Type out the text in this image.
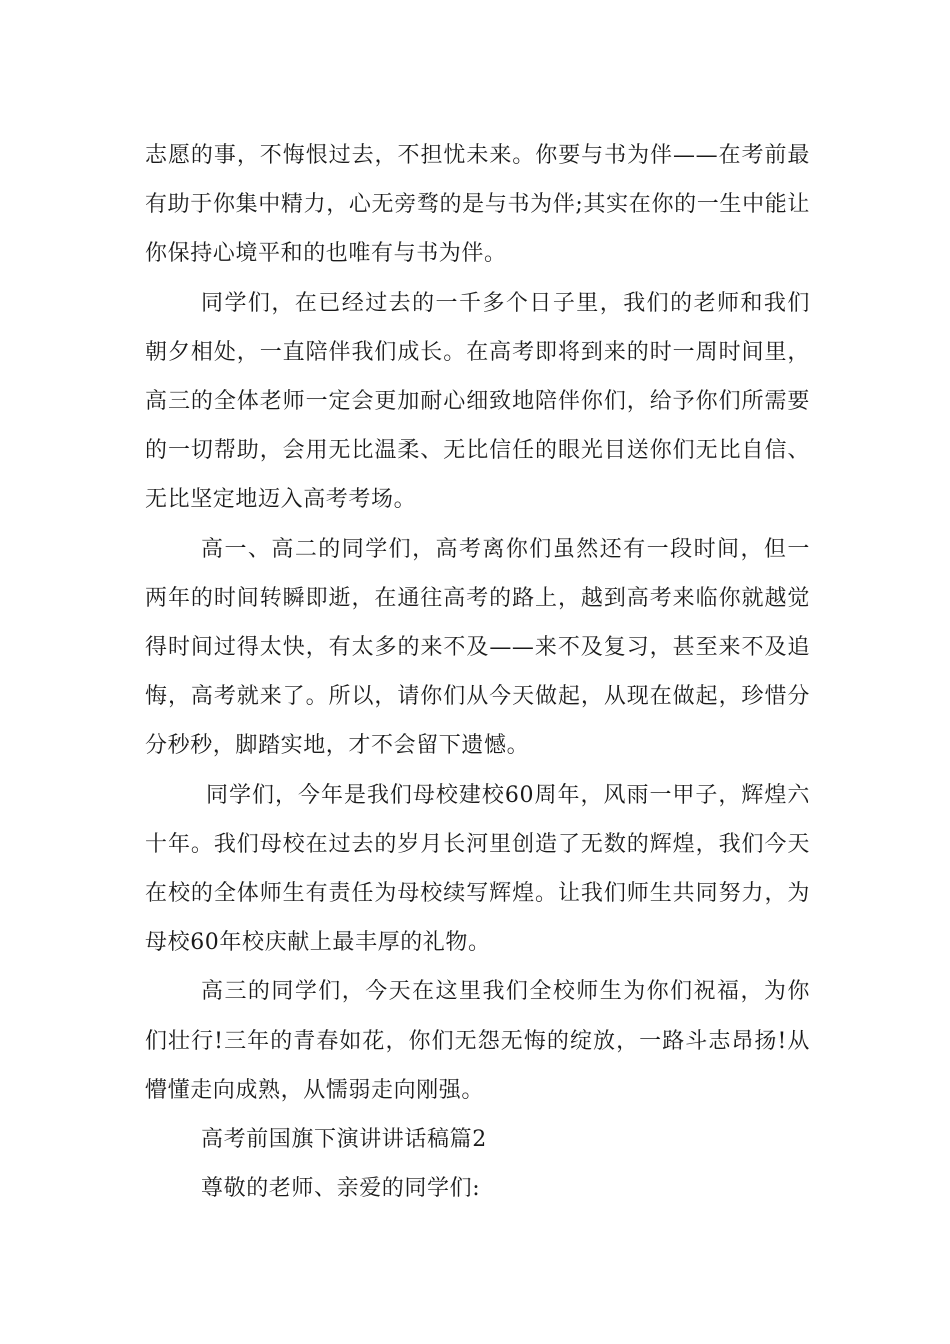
志愿的事，不悔恨过去，不担忧未来。你要与书为伴——在考前最有助于你集中精力，心无旁骛的是与书为伴;其实在你的一生中能让你保持心境平和的也唯有与书为伴。

同学们，在已经过去的一千多个日子里，我们的老师和我们朝夕相处，一直陪伴我们成长。在高考即将到来的时一周时间里，高三的全体老师一定会更加耐心细致地陪伴你们，给予你们所需要的一切帮助，会用无比温柔、无比信任的眼光目送你们无比自信、无比坚定地迈入高考考场。

高一、高二的同学们，高考离你们虽然还有一段时间，但一两年的时间转瞬即逝，在通往高考的路上，越到高考来临你就越觉得时间过得太快，有太多的来不及——来不及复习，甚至来不及追悔，高考就来了。所以，请你们从今天做起，从现在做起，珍惜分分秒秒，脚踏实地，才不会留下遗憾。

同学们，今年是我们母校建校60周年，风雨一甲子，辉煌六十年。我们母校在过去的岁月长河里创造了无数的辉煌，我们今天在校的全体师生有责任为母校续写辉煌。让我们师生共同努力，为母校60年校庆献上最丰厚的礼物。

高三的同学们，今天在这里我们全校师生为你们祝福，为你们壮行!三年的青春如花，你们无怨无悔的绽放，一路斗志昂扬!从懵懂走向成熟，从懦弱走向刚强。

高考前国旗下演讲讲话稿篇2

尊敬的老师、亲爱的同学们:
